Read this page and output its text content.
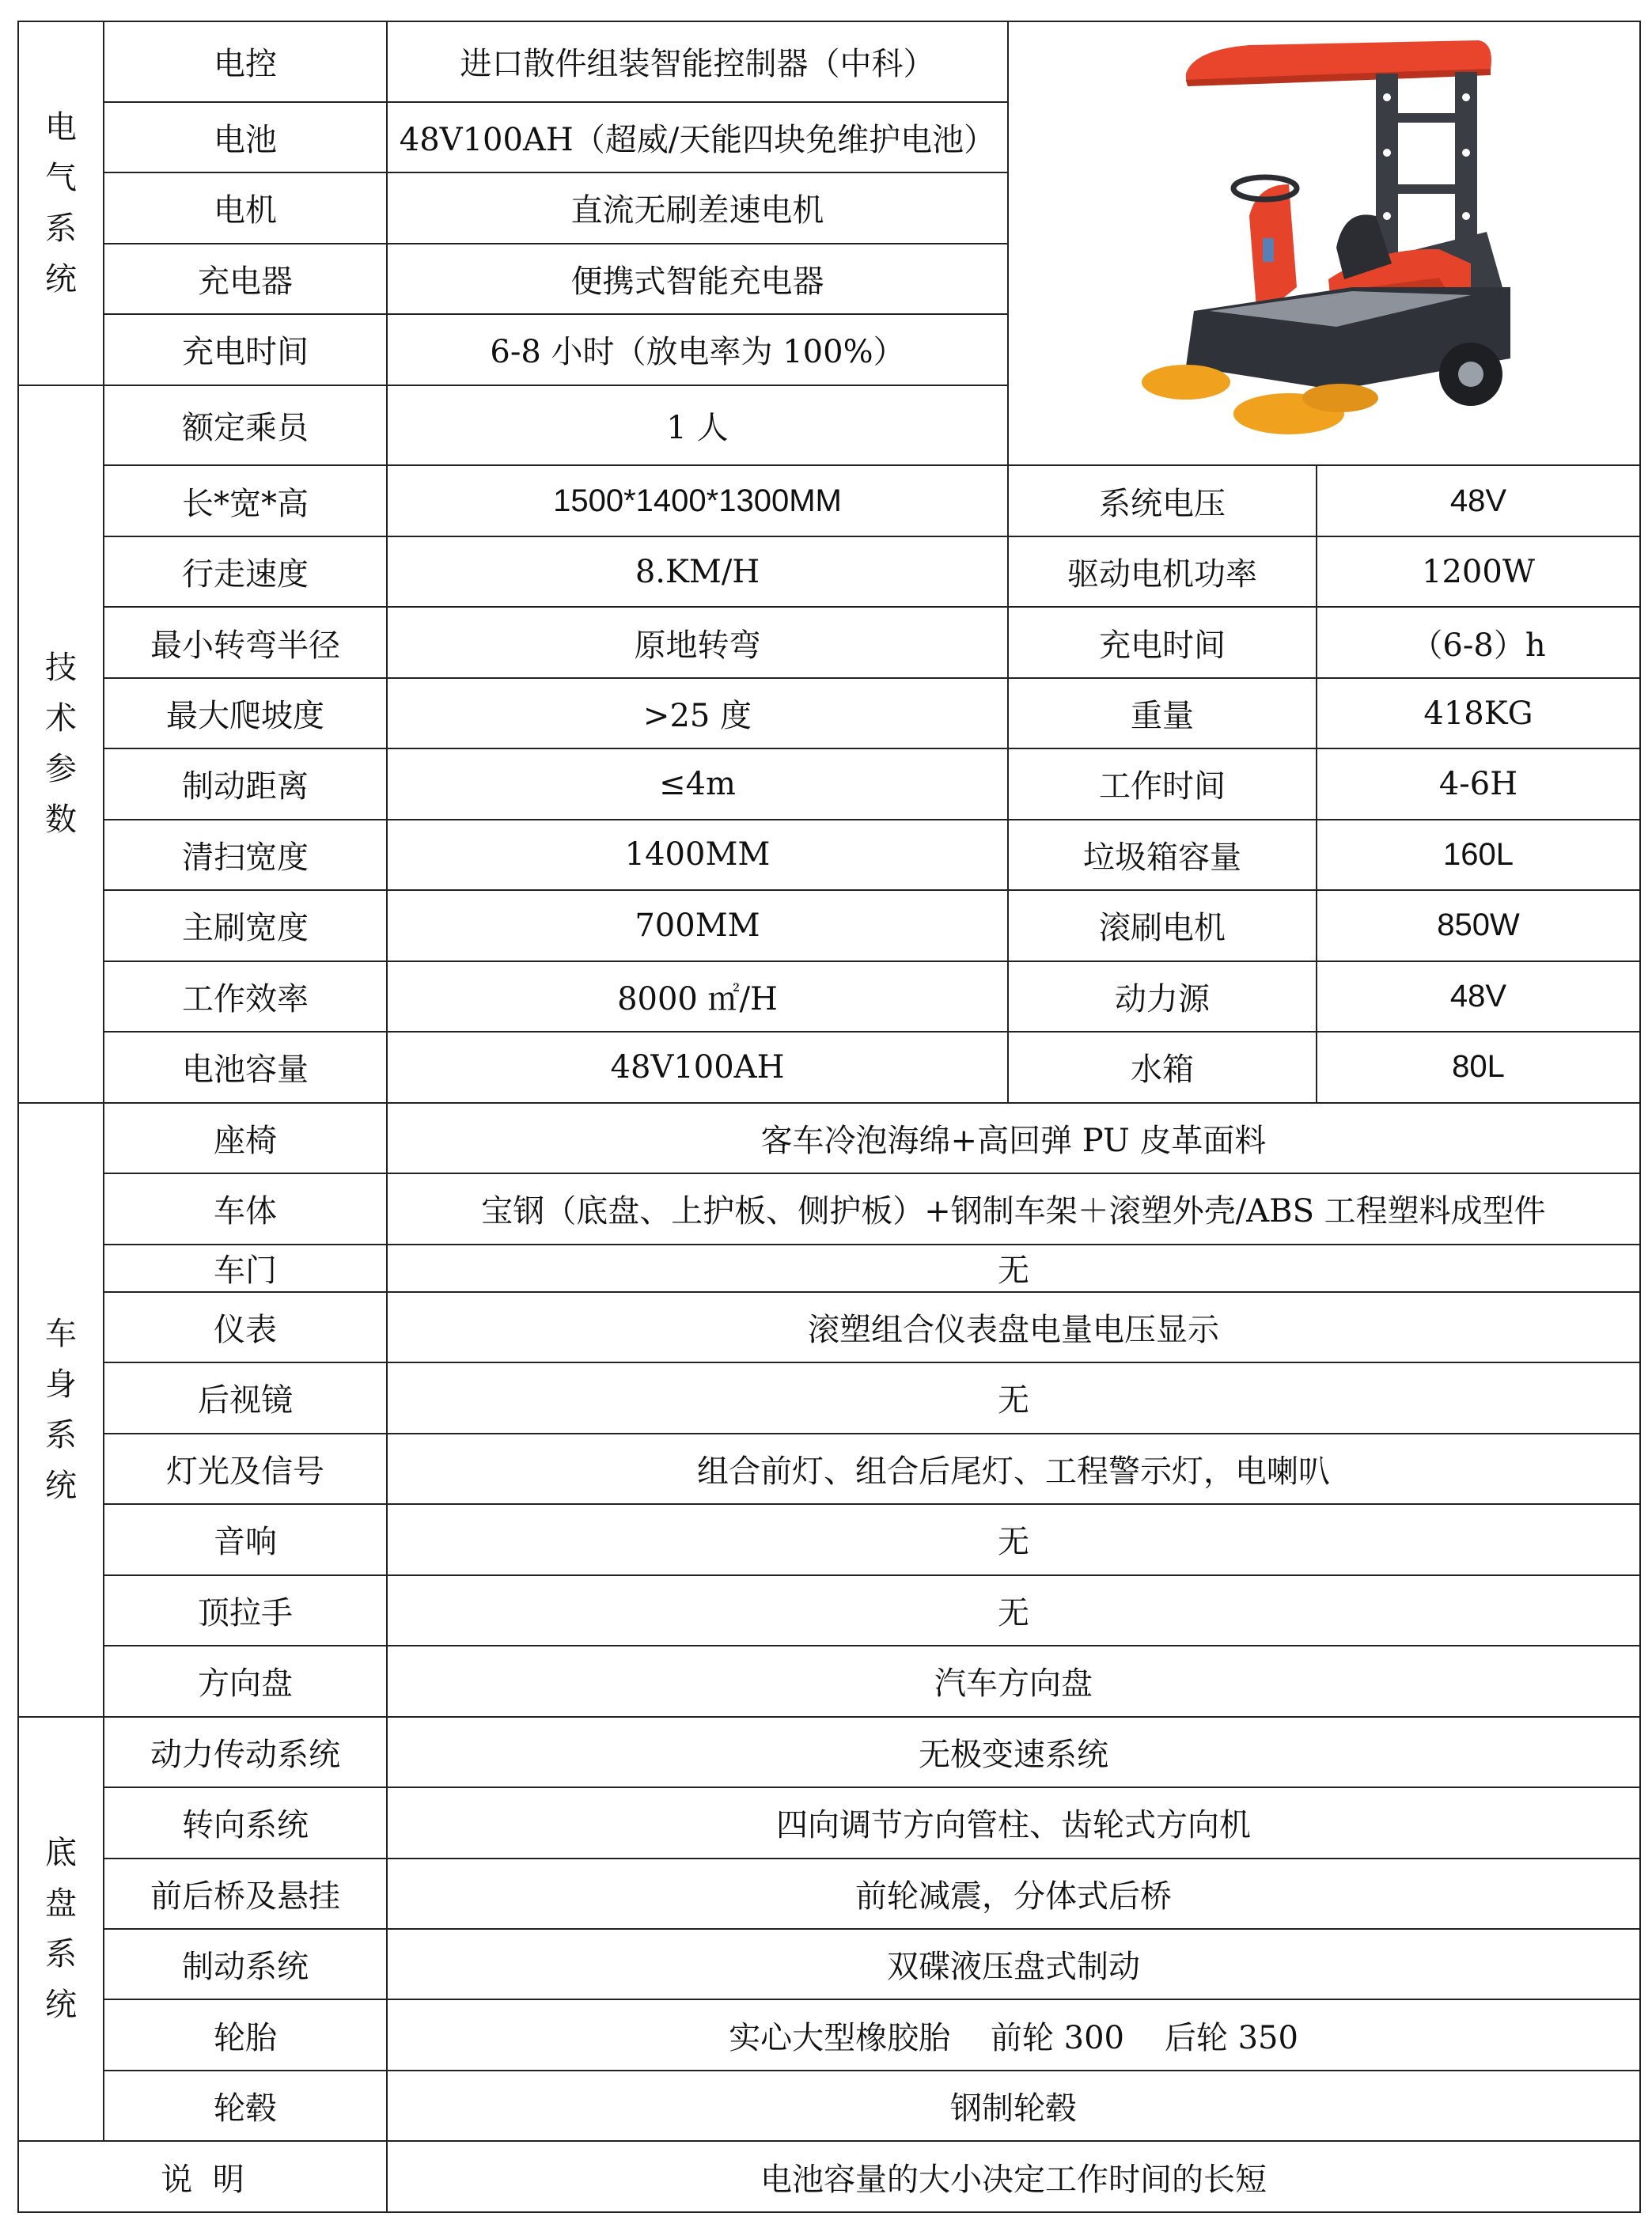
电气系统	电控	进口散件组装智能控制器（中科）	
	电池	48V100AH（超威/天能四块免维护电池）		
	电机	直流无刷差速电机		
	充电器	便携式智能充电器		
	充电时间	6-8 小时（放电率为 100%）		
技术参数	额定乘员	1 人		
	长*宽*高	1500*1400*1300MM	系统电压	48V
	行走速度	8.KM/H	驱动电机功率	1200W
	最小转弯半径	原地转弯	充电时间	（6-8）h
	最大爬坡度	>25 度	重量	418KG
	制动距离	≤4m	工作时间	4-6H
	清扫宽度	1400MM	垃圾箱容量	160L
	主刷宽度	700MM	滚刷电机	850W
	工作效率	8000 ㎡/H	动力源	48V
	电池容量	48V100AH	水箱	80L
车身系统	座椅	客车冷泡海绵+高回弹 PU 皮革面料		
	车体	宝钢（底盘、上护板、侧护板）+钢制车架＋滚塑外壳/ABS 工程塑料成型件		
	车门	无		
	仪表	滚塑组合仪表盘电量电压显示		
	后视镜	无		
	灯光及信号	组合前灯、组合后尾灯、工程警示灯，电喇叭		
	音响	无		
	顶拉手	无		
	方向盘	汽车方向盘		
底盘系统	动力传动系统	无极变速系统		
	转向系统	四向调节方向管柱、齿轮式方向机		
	前后桥及悬挂	前轮减震，分体式后桥		
	制动系统	双碟液压盘式制动		
	轮胎	实心大型橡胶胎    前轮 300    后轮 350		
	轮毂	钢制轮毂		
说  明		电池容量的大小决定工作时间的长短		
